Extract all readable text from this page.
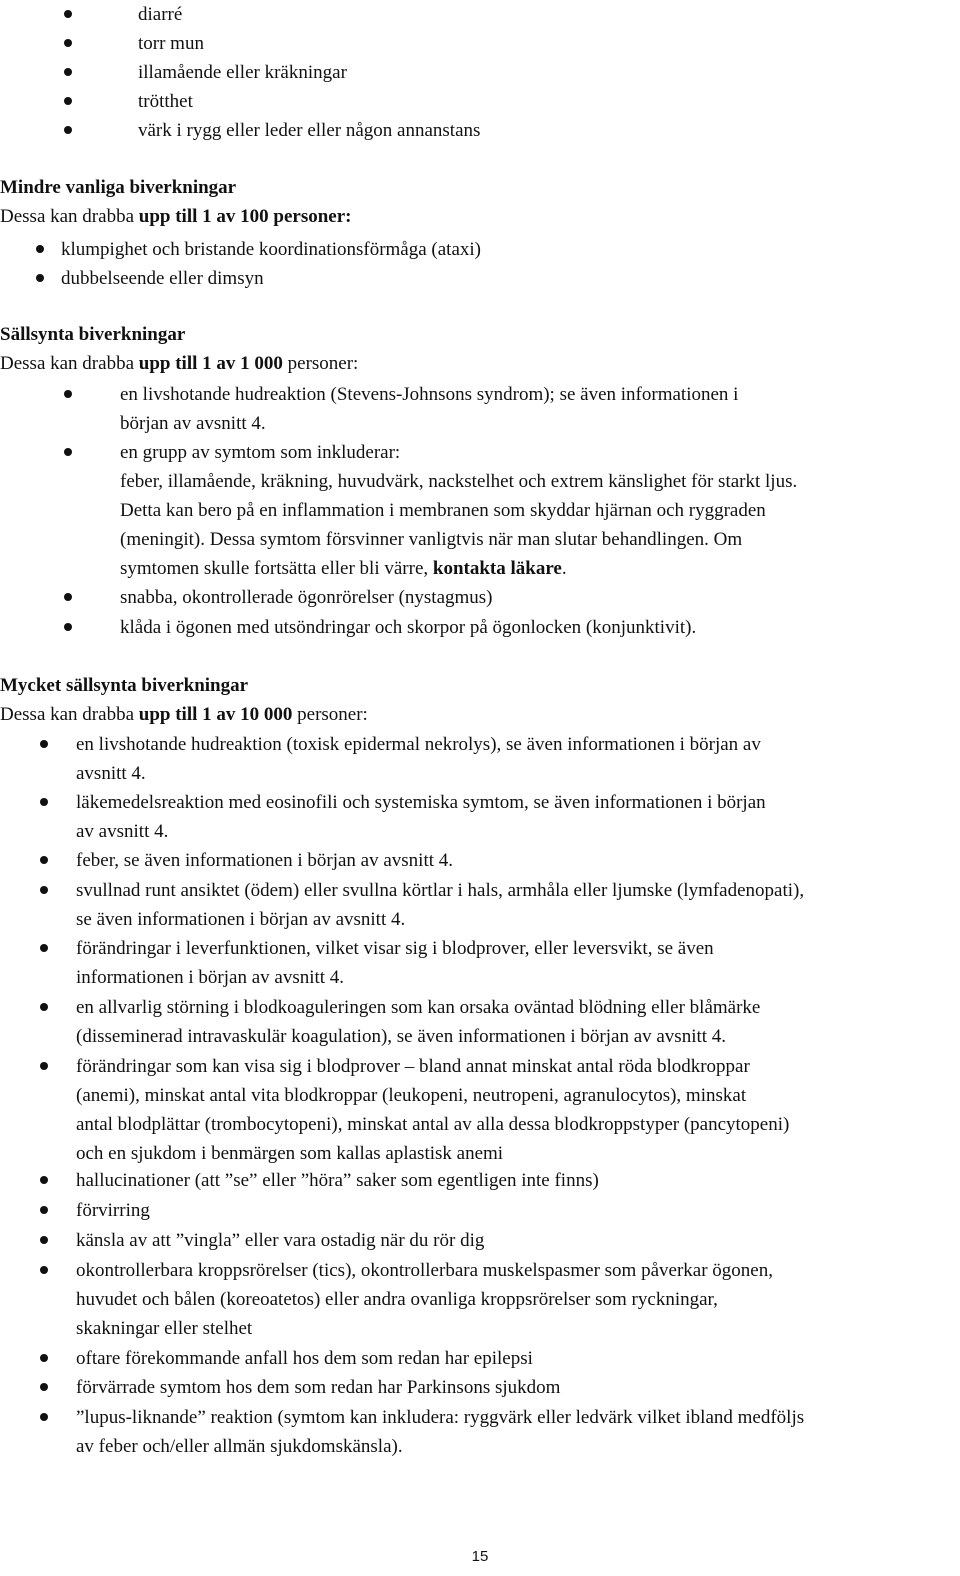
diarré
torr mun
illamående eller kräkningar
trötthet
värk i rygg eller leder eller någon annanstans
Mindre vanliga biverkningar
Dessa kan drabba upp till 1 av 100 personer:
klumpighet och bristande koordinationsförmåga (ataxi)
dubbelseende eller dimsyn
Sällsynta biverkningar
Dessa kan drabba upp till 1 av 1 000 personer:
en livshotande hudreaktion (Stevens-Johnsons syndrom); se även informationen i
början av avsnitt 4.
en grupp av symtom som inkluderar:
feber, illamående, kräkning, huvudvärk, nackstelhet och extrem känslighet för starkt ljus.
Detta kan bero på en inflammation i membranen som skyddar hjärnan och ryggraden
(meningit). Dessa symtom försvinner vanligtvis när man slutar behandlingen. Om
symtomen skulle fortsätta eller bli värre, kontakta läkare.
snabba, okontrollerade ögonrörelser (nystagmus)
klåda i ögonen med utsöndringar och skorpor på ögonlocken (konjunktivit).
Mycket sällsynta biverkningar
Dessa kan drabba upp till 1 av 10 000 personer:
en livshotande hudreaktion (toxisk epidermal nekrolys), se även informationen i början av
avsnitt 4.
läkemedelsreaktion med eosinofili och systemiska symtom, se även informationen i början
av avsnitt 4.
feber, se även informationen i början av avsnitt 4.
svullnad runt ansiktet (ödem) eller svullna körtlar i hals, armhåla eller ljumske (lymfadenopati),
se även informationen i början av avsnitt 4.
förändringar i leverfunktionen, vilket visar sig i blodprover, eller leversvikt, se även
informationen i början av avsnitt 4.
en allvarlig störning i blodkoaguleringen som kan orsaka oväntad blödning eller blåmärke
(disseminerad intravaskulär koagulation), se även informationen i början av avsnitt 4.
förändringar som kan visa sig i blodprover – bland annat minskat antal röda blodkroppar
(anemi), minskat antal vita blodkroppar (leukopeni, neutropeni, agranulocytos), minskat
antal blodplättar (trombocytopeni), minskat antal av alla dessa blodkroppstyper (pancytopeni)
och en sjukdom i benmärgen som kallas aplastisk anemi
hallucinationer (att ”se” eller ”höra” saker som egentligen inte finns)
förvirring
känsla av att ”vingla” eller vara ostadig när du rör dig
okontrollerbara kroppsrörelser (tics), okontrollerbara muskelspasmer som påverkar ögonen,
huvudet och bålen (koreoatetos) eller andra ovanliga kroppsrörelser som ryckningar,
skakningar eller stelhet
oftare förekommande anfall hos dem som redan har epilepsi
förvärrade symtom hos dem som redan har Parkinsons sjukdom
”lupus-liknande” reaktion (symtom kan inkludera: ryggvärk eller ledvärk vilket ibland medföljs
av feber och/eller allmän sjukdomskänsla).
15
